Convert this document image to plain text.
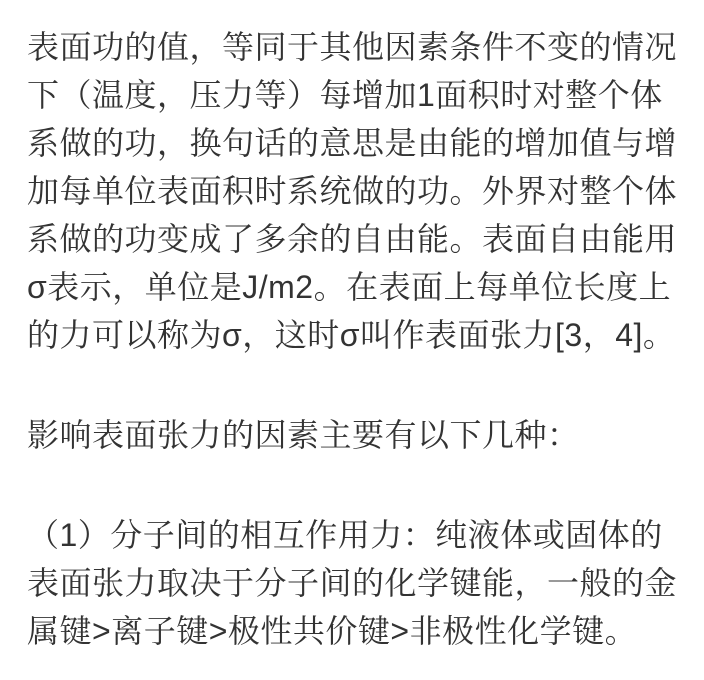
表面功的值，等同于其他因素条件不变的情况下（温度，压力等）每增加1面积时对整个体系做的功，换句话的意思是由能的增加值与增加每单位表面积时系统做的功。外界对整个体系做的功变成了多余的自由能。表面自由能用σ表示，单位是J/m2。在表面上每单位长度上的力可以称为σ，这时σ叫作表面张力[3，4]。

影响表面张力的因素主要有以下几种：

（1）分子间的相互作用力：纯液体或固体的表面张力取决于分子间的化学键能，一般的金属键>离子键>极性共价键>非极性化学键。
